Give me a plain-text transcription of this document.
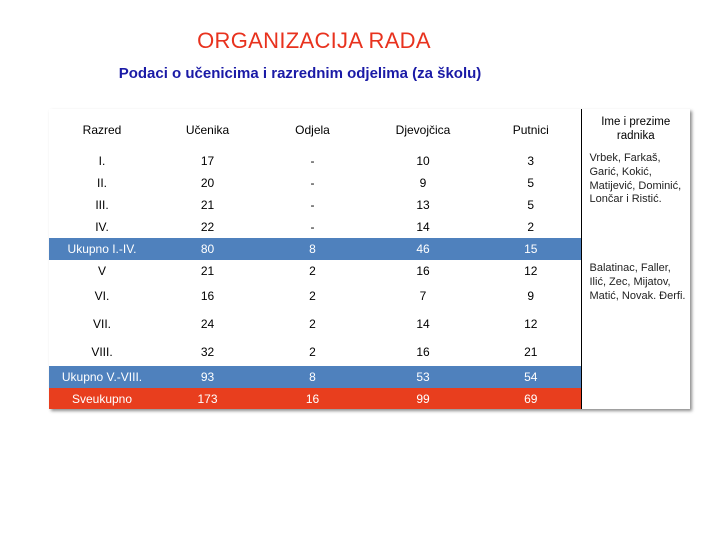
ORGANIZACIJA RADA
Podaci o učenicima i razrednim odjelima (za školu)
Razred	Učenika	Odjela	Djevojčica	Putnici	Ime i prezime radnika
I.	17	-	10	3	Vrbek, Farkaš, Garić, Kokić, Matijević, Dominić, Lončar i Ristić.
II.	20	-	9	5	
III.	21	-	13	5	
IV.	22	-	14	2	
Ukupno I.-IV.	80	8	46	15	
V	21	2	16	12	Balatinac, Faller, Ilić, Zec, Mijatov, Matić, Novak. Đerfi.
VI.	16	2	7	9	
VII.	24	2	14	12	
VIII.	32	2	16	21	
Ukupno V.-VIII.	93	8	53	54	
Sveukupno	173	16	99	69	
